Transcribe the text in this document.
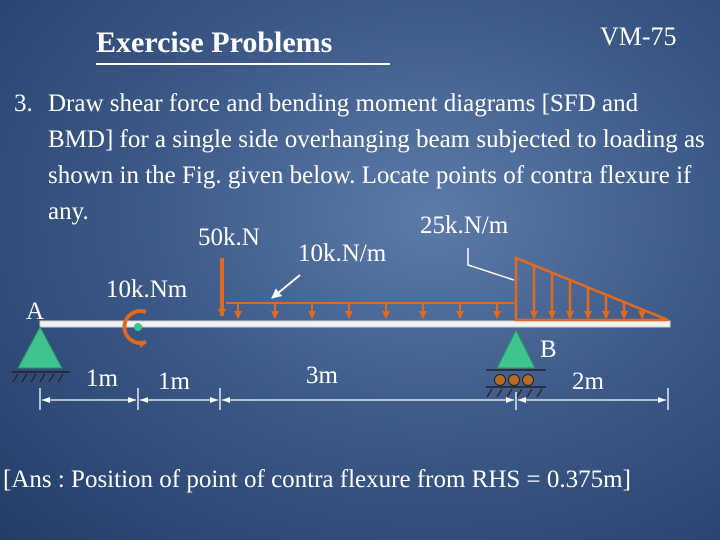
Exercise Problems	VM-75
3. Draw shear force and bending moment diagrams [SFD and BMD] for a single side overhanging beam subjected to loading as shown in the Fig. given below. Locate points of contra flexure if any.
50k.N
10k.N/m
25k.N/m
10k.Nm
A
B
1m 1m	3m	2m
[Ans : Position of point of contra flexure from RHS = 0.375m]
